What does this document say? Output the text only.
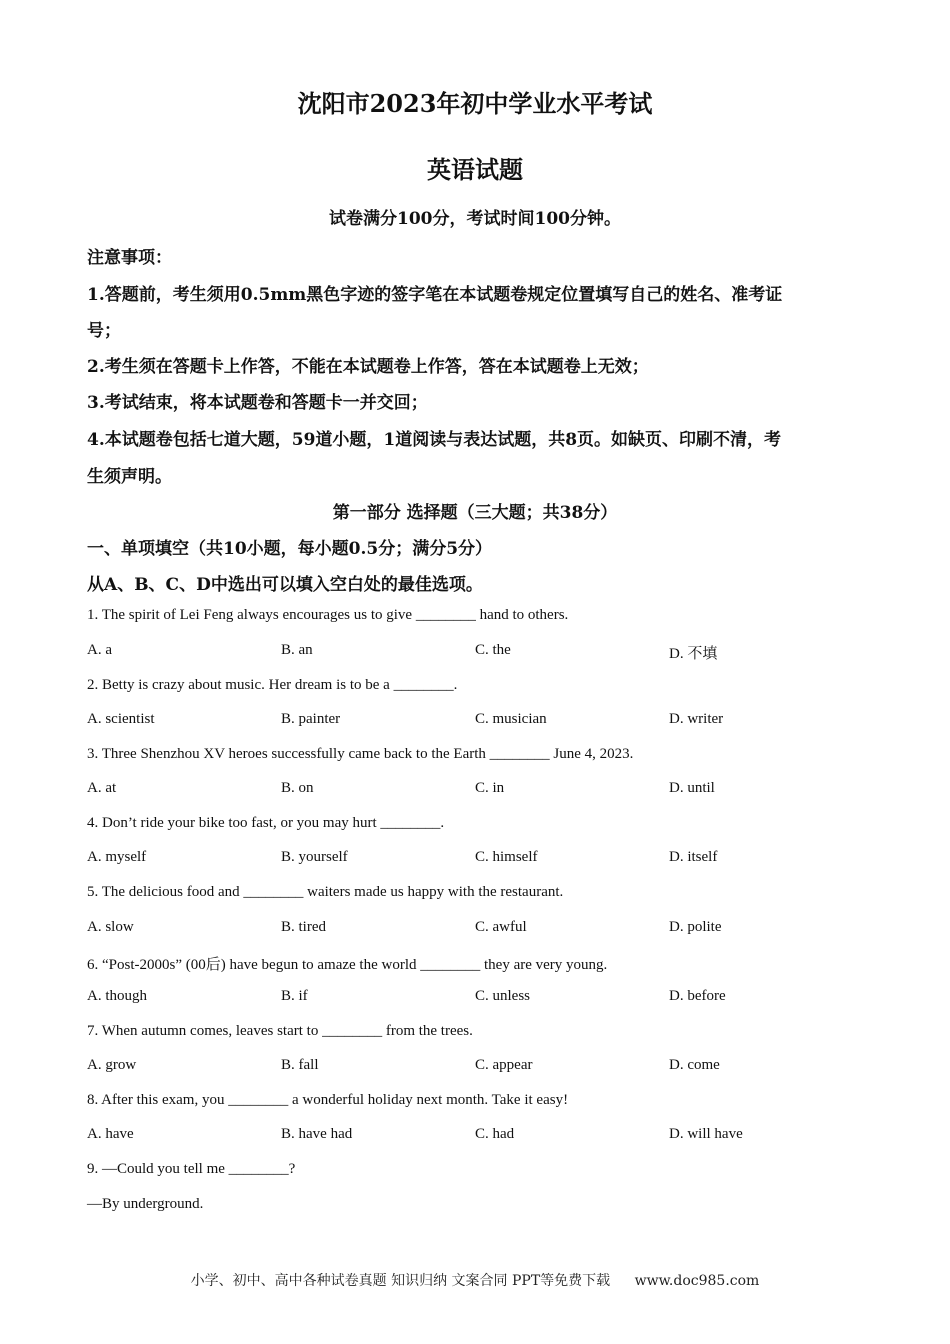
沈阳市2023年初中学业水平考试
英语试题
试卷满分100分，考试时间100分钟。
注意事项：
1.答题前，考生须用0.5mm黑色字迹的签字笔在本试题卷规定位置填写自己的姓名、准考证
号；
2.考生须在答题卡上作答，不能在本试题卷上作答，答在本试题卷上无效；
3.考试结束，将本试题卷和答题卡一并交回；
4.本试题卷包括七道大题，59道小题，1道阅读与表达试题，共8页。如缺页、印刷不清，考
生须声明。
第一部分 选择题（三大题；共38分）
一、单项填空（共10小题，每小题0.5分；满分5分）
从A、B、C、D中选出可以填入空白处的最佳选项。
1. The spirit of Lei Feng always encourages us to give ________ hand to others.
A. a	B. an	C. the	D. 不填
2. Betty is crazy about music. Her dream is to be a ________.
A. scientist	B. painter	C. musician	D. writer
3. Three Shenzhou XV heroes successfully came back to the Earth ________ June 4, 2023.
A. at	B. on	C. in	D. until
4. Don’t ride your bike too fast, or you may hurt ________.
A. myself	B. yourself	C. himself	D. itself
5. The delicious food and ________ waiters made us happy with the restaurant.
A. slow	B. tired	C. awful	D. polite
6. “Post-2000s” (00后) have begun to amaze the world ________ they are very young.
A. though	B. if	C. unless	D. before
7. When autumn comes, leaves start to ________ from the trees.
A. grow	B. fall	C. appear	D. come
8. After this exam, you ________ a wonderful holiday next month. Take it easy!
A. have	B. have had	C. had	D. will have
9. —Could you tell me ________?
—By underground.
小学、初中、高中各种试卷真题 知识归纳 文案合同 PPT等免费下载 www.doc985.com
